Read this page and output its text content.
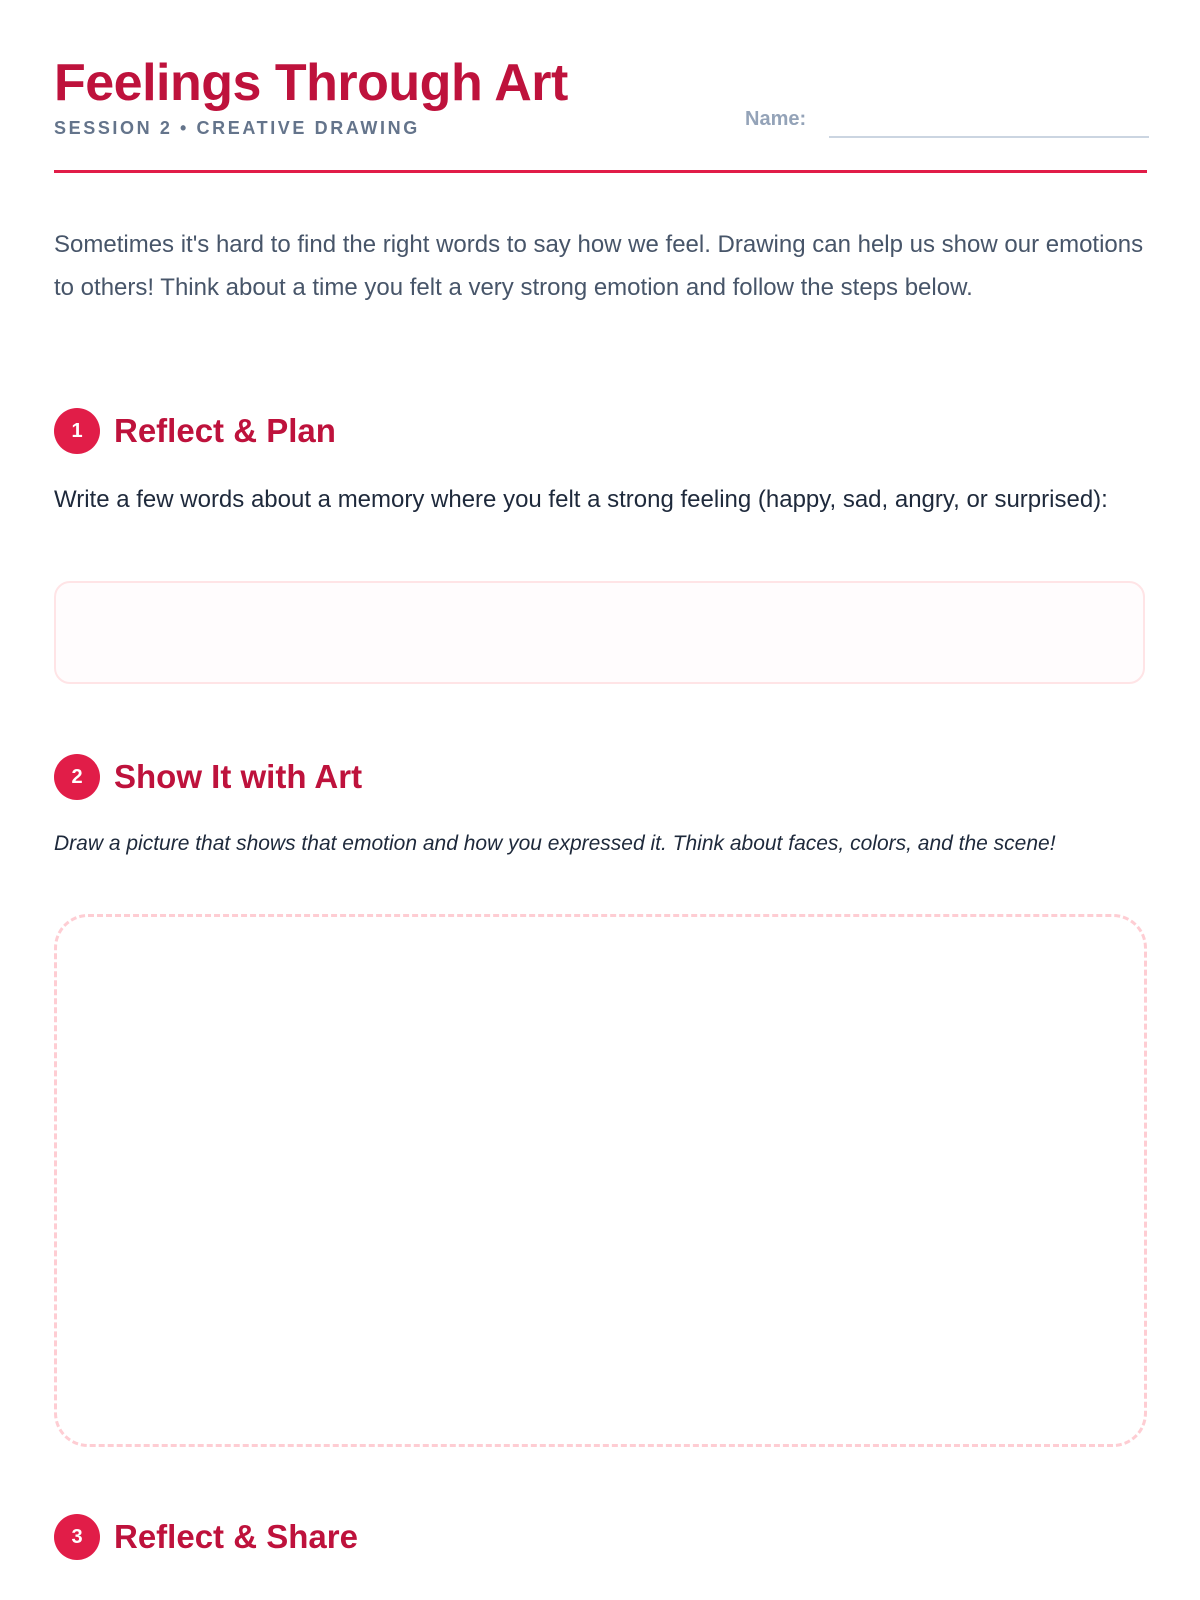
Feelings Through Art
SESSION 2 • CREATIVE DRAWING	Name:

Sometimes it's hard to find the right words to say how we feel. Drawing can help us show our emotions to others! Think about a time you felt a very strong emotion and follow the steps below.

1 Reflect & Plan

Write a few words about a memory where you felt a strong feeling (happy, sad, angry, or surprised):

2 Show It with Art

Draw a picture that shows that emotion and how you expressed it. Think about faces, colors, and the scene!

3 Reflect & Share
